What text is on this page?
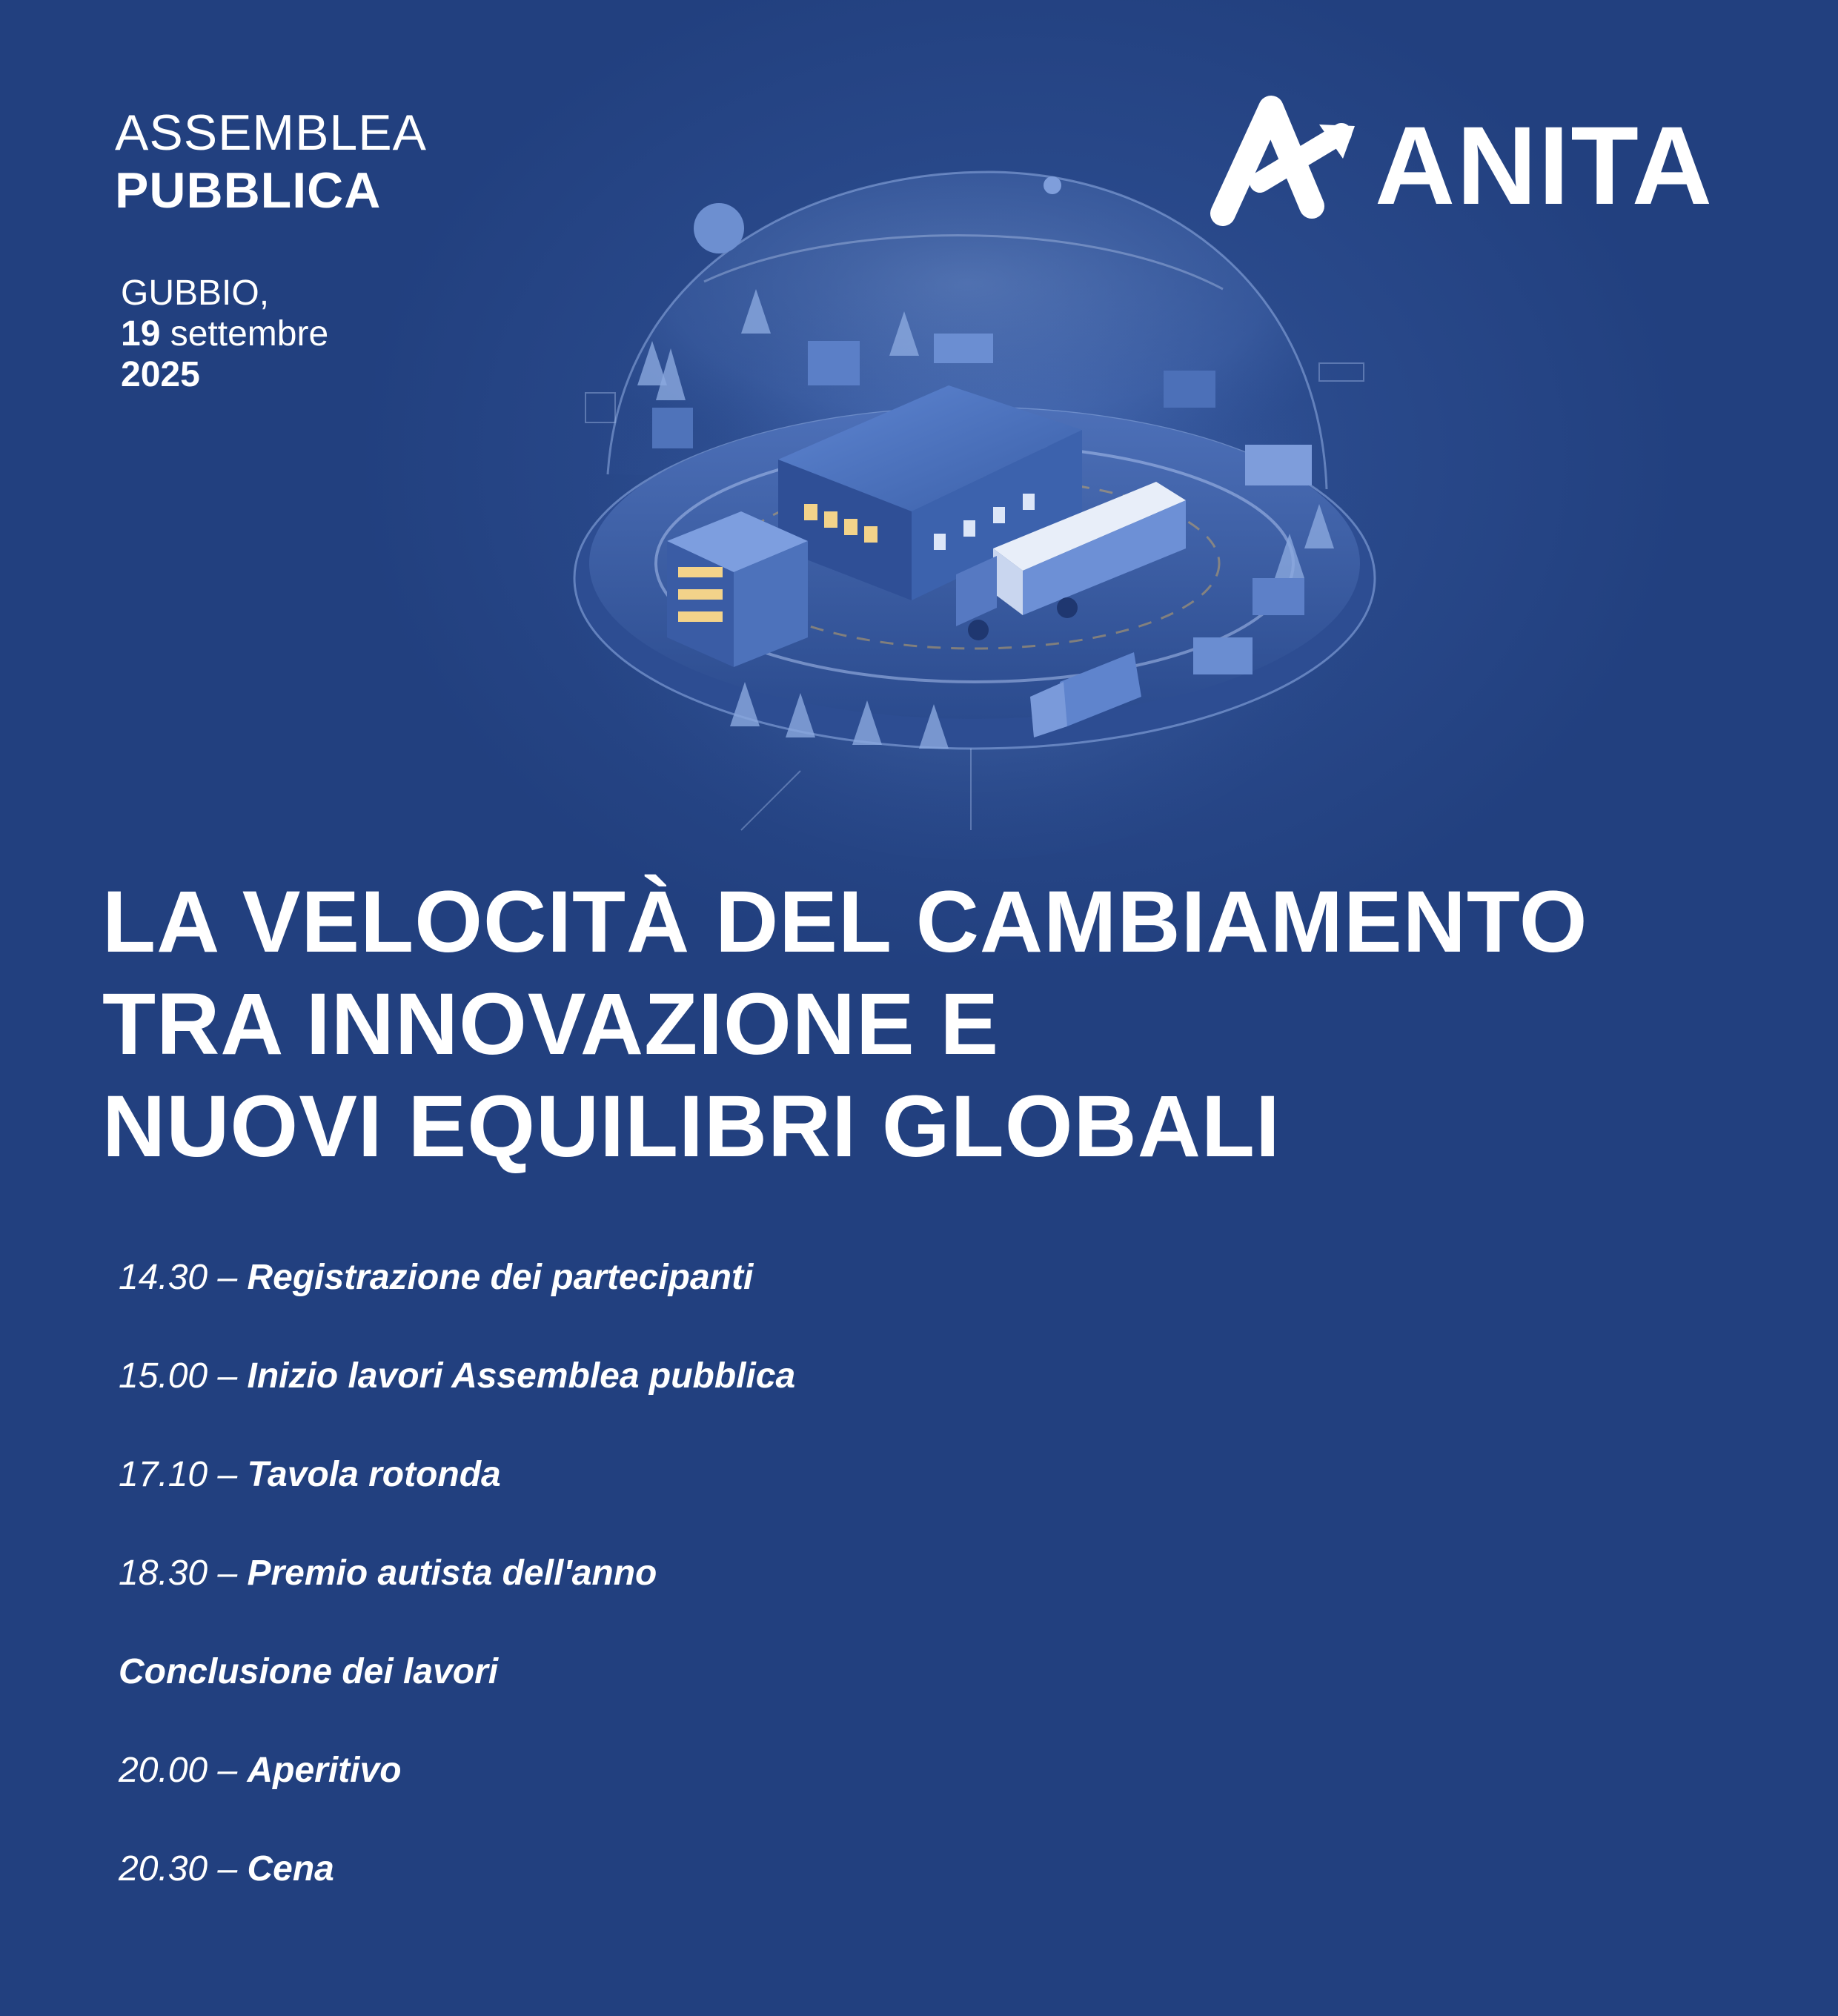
ASSEMBLEA
PUBBLICA
GUBBIO,
19 settembre
2025
ANITA
LA VELOCITÀ DEL CAMBIAMENTO
TRA INNOVAZIONE E
NUOVI EQUILIBRI GLOBALI
14.30 – Registrazione dei partecipanti
15.00 – Inizio lavori Assemblea pubblica
17.10 – Tavola rotonda
18.30 – Premio autista dell'anno
Conclusione dei lavori
20.00 – Aperitivo
20.30 – Cena
